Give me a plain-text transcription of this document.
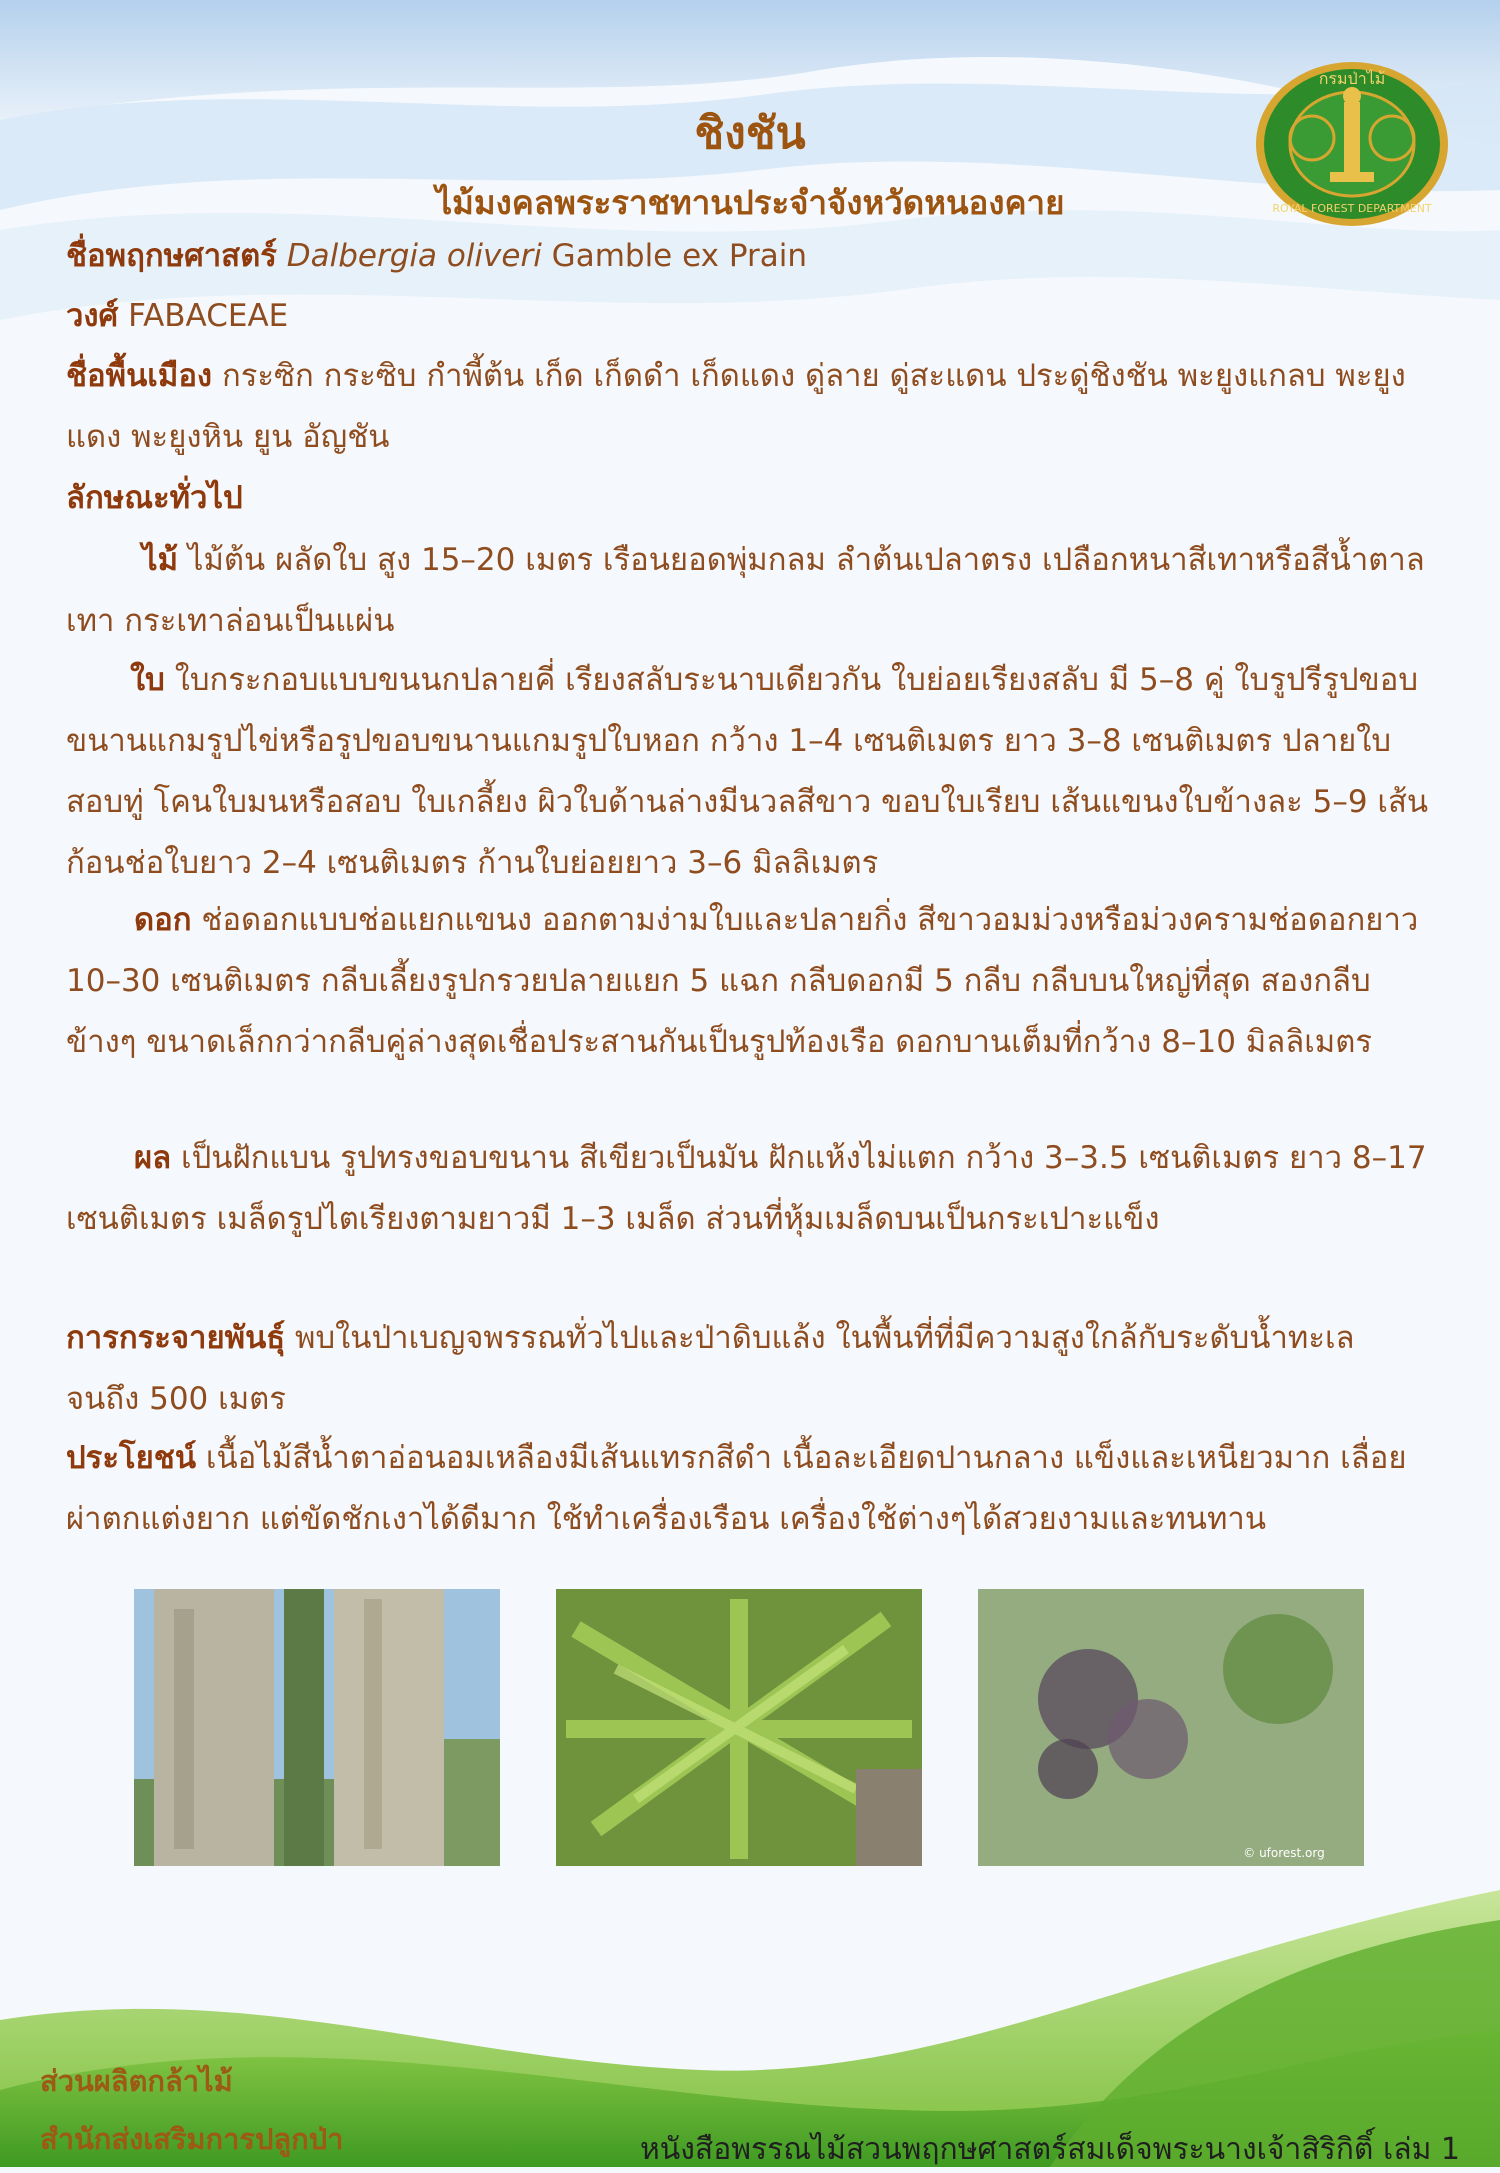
กรมป่าไม้
ROYAL FOREST DEPARTMENT
ชิงชัน
ไม้มงคลพระราชทานประจำจังหวัดหนองคาย

ชื่อพฤกษศาสตร์ Dalbergia oliveri Gamble ex Prain

วงศ์ FABACEAE

ชื่อพื้นเมือง กระซิก กระซิบ กำพี้ต้น เก็ด เก็ดดำ เก็ดแดง ดู่ลาย ดู่สะแดน ประดู่ชิงชัน พะยูงแกลบ พะยูงแดง พะยูงหิน ยูน อัญชัน

ลักษณะทั่วไป

ไม้ ไม้ต้น ผลัดใบ สูง 15–20 เมตร เรือนยอดพุ่มกลม ลำต้นเปลาตรง เปลือกหนาสีเทาหรือสีน้ำตาลเทา กระเทาล่อนเป็นแผ่น

ใบ ใบกระกอบแบบขนนกปลายคี่ เรียงสลับระนาบเดียวกัน ใบย่อยเรียงสลับ มี 5–8 คู่ ใบรูปรีรูปขอบขนานแกมรูปไข่หรือรูปขอบขนานแกมรูปใบหอก กว้าง 1–4 เซนติเมตร ยาว 3–8 เซนติเมตร ปลายใบสอบทู่ โคนใบมนหรือสอบ ใบเกลี้ยง ผิวใบด้านล่างมีนวลสีขาว ขอบใบเรียบ เส้นแขนงใบข้างละ 5–9 เส้น ก้อนช่อใบยาว 2–4 เซนติเมตร ก้านใบย่อยยาว 3–6 มิลลิเมตร

ดอก ช่อดอกแบบช่อแยกแขนง ออกตามง่ามใบและปลายกิ่ง สีขาวอมม่วงหรือม่วงครามช่อดอกยาว 10–30 เซนติเมตร กลีบเลี้ยงรูปกรวยปลายแยก 5 แฉก กลีบดอกมี 5 กลีบ กลีบบนใหญ่ที่สุด สองกลีบข้างๆ ขนาดเล็กกว่ากลีบคู่ล่างสุดเชื่อประสานกันเป็นรูปท้องเรือ ดอกบานเต็มที่กว้าง 8–10 มิลลิเมตร

ผล เป็นฝักแบน รูปทรงขอบขนาน สีเขียวเป็นมัน ฝักแห้งไม่แตก กว้าง 3–3.5 เซนติเมตร ยาว 8–17 เซนติเมตร เมล็ดรูปไตเรียงตามยาวมี 1–3 เมล็ด ส่วนที่หุ้มเมล็ดบนเป็นกระเปาะแข็ง

การกระจายพันธุ์ พบในป่าเบญจพรรณทั่วไปและป่าดิบแล้ง ในพื้นที่ที่มีความสูงใกล้กับระดับน้ำทะเล จนถึง 500 เมตร

ประโยชน์ เนื้อไม้สีน้ำตาอ่อนอมเหลืองมีเส้นแทรกสีดำ เนื้อละเอียดปานกลาง แข็งและเหนียวมาก เลื่อยผ่าตกแต่งยาก แต่ขัดชักเงาได้ดีมาก ใช้ทำเครื่องเรือน เครื่องใช้ต่างๆได้สวยงามและทนทาน

© uforest.org
ส่วนผลิตกล้าไม้
สำนักส่งเสริมการปลูกป่า	หนังสือพรรณไม้สวนพฤกษศาสตร์สมเด็จพระนางเจ้าสิริกิติ์ เล่ม 1
